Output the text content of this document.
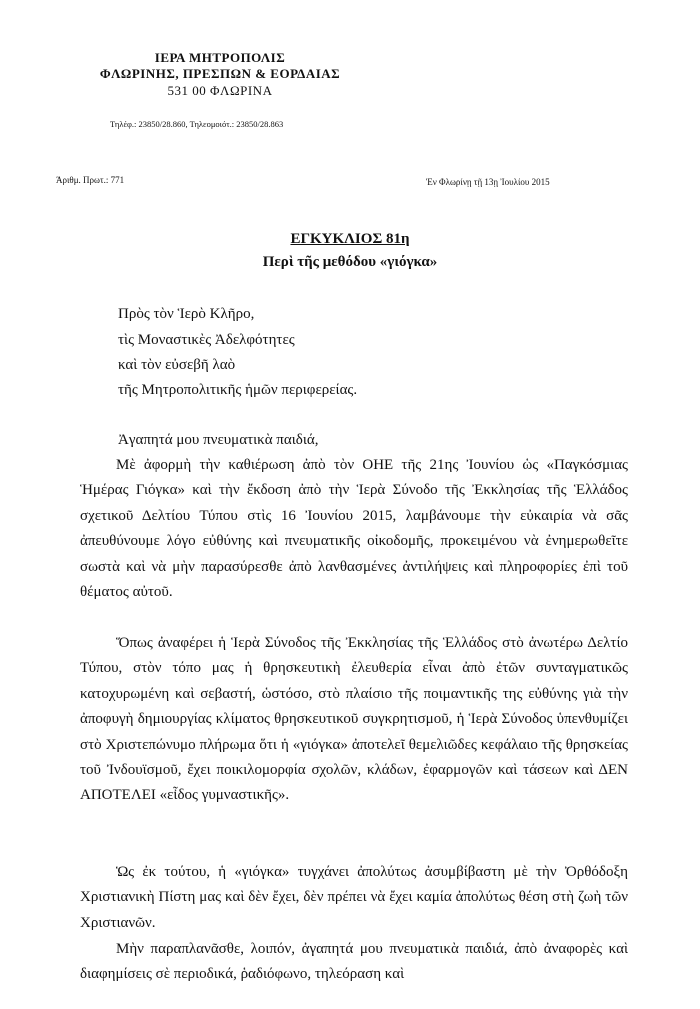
ΙΕΡΑ ΜΗΤΡΟΠΟΛΙΣ
ΦΛΩΡΙΝΗΣ, ΠΡΕΣΠΩΝ & ΕΟΡΔΑΙΑΣ
531 00 ΦΛΩΡΙΝΑ
Τηλέφ.: 23850/28.860, Τηλεομοιότ.: 23850/28.863
Άριθμ. Πρωτ.: 771	Ἐν Φλωρίνῃ τῇ 13ῃ Ἰουλίου 2015
ΕΓΚΥΚΛΙΟΣ 81η
Περὶ τῆς μεθόδου «γιόγκα»
Πρὸς τὸν Ἱερὸ Κλῆρο,
τὶς Μοναστικὲς Ἀδελφότητες
καὶ τὸν εὐσεβῆ λαὸ
τῆς Μητροπολιτικῆς ἡμῶν περιφερείας.
Ἀγαπητά μου πνευματικὰ παιδιά,
Μὲ ἀφορμὴ τὴν καθιέρωση ἀπὸ τὸν ΟΗΕ τῆς 21ης Ἰουνίου ὡς «Παγκόσμιας Ἡμέρας Γιόγκα» καὶ τὴν ἔκδοση ἀπὸ τὴν Ἱερὰ Σύνοδο τῆς Ἐκκλησίας τῆς Ἑλλάδος σχετικοῦ Δελτίου Τύπου στὶς 16 Ἰουνίου 2015, λαμβάνουμε τὴν εὐκαιρία νὰ σᾶς ἀπευθύνουμε λόγο εὐθύνης καὶ πνευματικῆς οἰκοδομῆς, προκειμένου νὰ ἐνημερωθεῖτε σωστὰ καὶ νὰ μὴν παρασύρεσθε ἀπὸ λανθασμένες ἀντιλήψεις καὶ πληροφορίες ἐπὶ τοῦ θέματος αὐτοῦ.
Ὅπως ἀναφέρει ἡ Ἱερὰ Σύνοδος τῆς Ἐκκλησίας τῆς Ἑλλάδος στὸ ἀνωτέρω Δελτίο Τύπου, στὸν τόπο μας ἡ θρησκευτικὴ ἐλευθερία εἶναι ἀπὸ ἐτῶν συνταγματικῶς κατοχυρωμένη καὶ σεβαστή, ὡστόσο, στὸ πλαίσιο τῆς ποιμαντικῆς της εὐθύνης γιὰ τὴν ἀποφυγὴ δημιουργίας κλίματος θρησκευτικοῦ συγκρητισμοῦ, ἡ Ἱερὰ Σύνοδος ὑπενθυμίζει στὸ Χριστεπώνυμο πλήρωμα ὅτι ἡ «γιόγκα» ἀποτελεῖ θεμελιῶδες κεφάλαιο τῆς θρησκείας τοῦ Ἰνδουϊσμοῦ, ἔχει ποικιλομορφία σχολῶν, κλάδων, ἐφαρμογῶν καὶ τάσεων καὶ ΔΕΝ ΑΠΟΤΕΛΕΙ «εἶδος γυμναστικῆς».
Ὡς ἐκ τούτου, ἡ «γιόγκα» τυγχάνει ἀπολύτως ἀσυμβίβαστη μὲ τὴν Ὀρθόδοξη Χριστιανικὴ Πίστη μας καὶ δὲν ἔχει, δὲν πρέπει νὰ ἔχει καμία ἀπολύτως θέση στὴ ζωὴ τῶν Χριστιανῶν.
Μὴν παραπλανᾶσθε, λοιπόν, ἀγαπητά μου πνευματικὰ παιδιά, ἀπὸ ἀναφορὲς καὶ διαφημίσεις σὲ περιοδικά, ῥαδιόφωνο, τηλεόραση καὶ
